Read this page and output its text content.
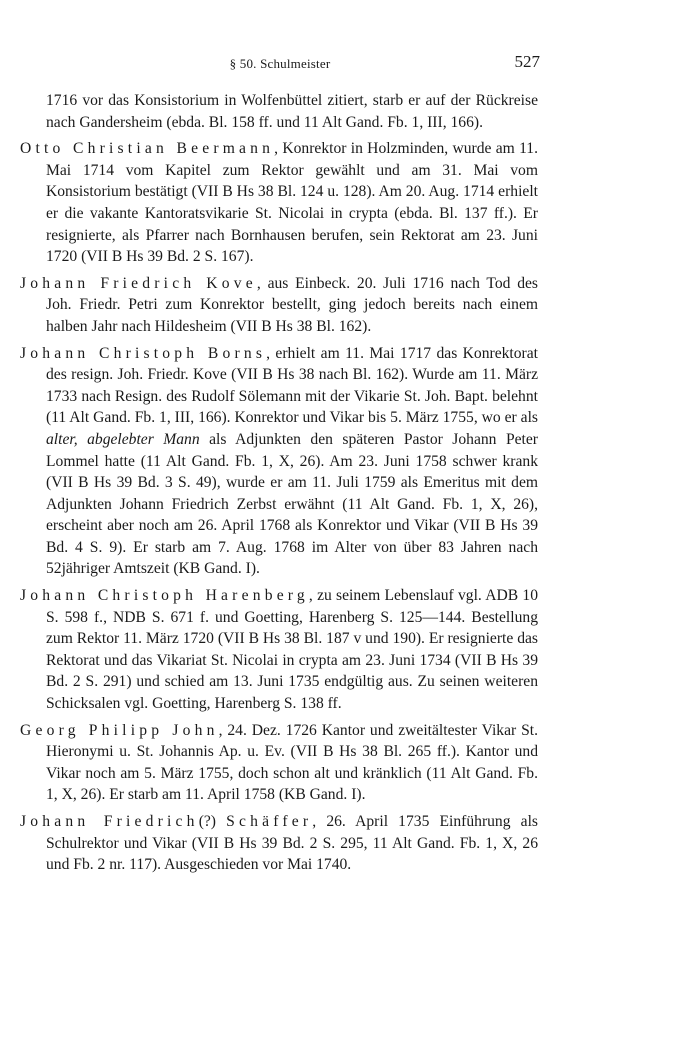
§ 50. Schulmeister	527

1716 vor das Konsistorium in Wolfenbüttel zitiert, starb er auf der Rückreise nach Gandersheim (ebda. Bl. 158 ff. und 11 Alt Gand. Fb. 1, III, 166).

Otto Christian Beermann, Konrektor in Holzminden, wurde am 11. Mai 1714 vom Kapitel zum Rektor gewählt und am 31. Mai vom Konsistorium bestätigt (VII B Hs 38 Bl. 124 u. 128). Am 20. Aug. 1714 erhielt er die vakante Kantoratsvikarie St. Nicolai in crypta (ebda. Bl. 137 ff.). Er resignierte, als Pfarrer nach Bornhausen berufen, sein Rektorat am 23. Juni 1720 (VII B Hs 39 Bd. 2 S. 167).

Johann Friedrich Kove, aus Einbeck. 20. Juli 1716 nach Tod des Joh. Friedr. Petri zum Konrektor bestellt, ging jedoch bereits nach einem halben Jahr nach Hildesheim (VII B Hs 38 Bl. 162).

Johann Christoph Borns, erhielt am 11. Mai 1717 das Konrektorat des resign. Joh. Friedr. Kove (VII B Hs 38 nach Bl. 162). Wurde am 11. März 1733 nach Resign. des Rudolf Sölemann mit der Vikarie St. Joh. Bapt. belehnt (11 Alt Gand. Fb. 1, III, 166). Konrektor und Vikar bis 5. März 1755, wo er als alter, abgelebter Mann als Adjunkten den späteren Pastor Johann Peter Lommel hatte (11 Alt Gand. Fb. 1, X, 26). Am 23. Juni 1758 schwer krank (VII B Hs 39 Bd. 3 S. 49), wurde er am 11. Juli 1759 als Emeritus mit dem Adjunkten Johann Friedrich Zerbst erwähnt (11 Alt Gand. Fb. 1, X, 26), erscheint aber noch am 26. April 1768 als Konrektor und Vikar (VII B Hs 39 Bd. 4 S. 9). Er starb am 7. Aug. 1768 im Alter von über 83 Jahren nach 52jähriger Amtszeit (KB Gand. I).

Johann Christoph Harenberg, zu seinem Lebenslauf vgl. ADB 10 S. 598 f., NDB S. 671 f. und Goetting, Harenberg S. 125—144. Bestellung zum Rektor 11. März 1720 (VII B Hs 38 Bl. 187 v und 190). Er resignierte das Rektorat und das Vikariat St. Nicolai in crypta am 23. Juni 1734 (VII B Hs 39 Bd. 2 S. 291) und schied am 13. Juni 1735 endgültig aus. Zu seinen weiteren Schicksalen vgl. Goetting, Harenberg S. 138 ff.

Georg Philipp John, 24. Dez. 1726 Kantor und zweitältester Vikar St. Hieronymi u. St. Johannis Ap. u. Ev. (VII B Hs 38 Bl. 265 ff.). Kantor und Vikar noch am 5. März 1755, doch schon alt und kränklich (11 Alt Gand. Fb. 1, X, 26). Er starb am 11. April 1758 (KB Gand. I).

Johann Friedrich(?) Schäffer, 26. April 1735 Einführung als Schulrektor und Vikar (VII B Hs 39 Bd. 2 S. 295, 11 Alt Gand. Fb. 1, X, 26 und Fb. 2 nr. 117). Ausgeschieden vor Mai 1740.
